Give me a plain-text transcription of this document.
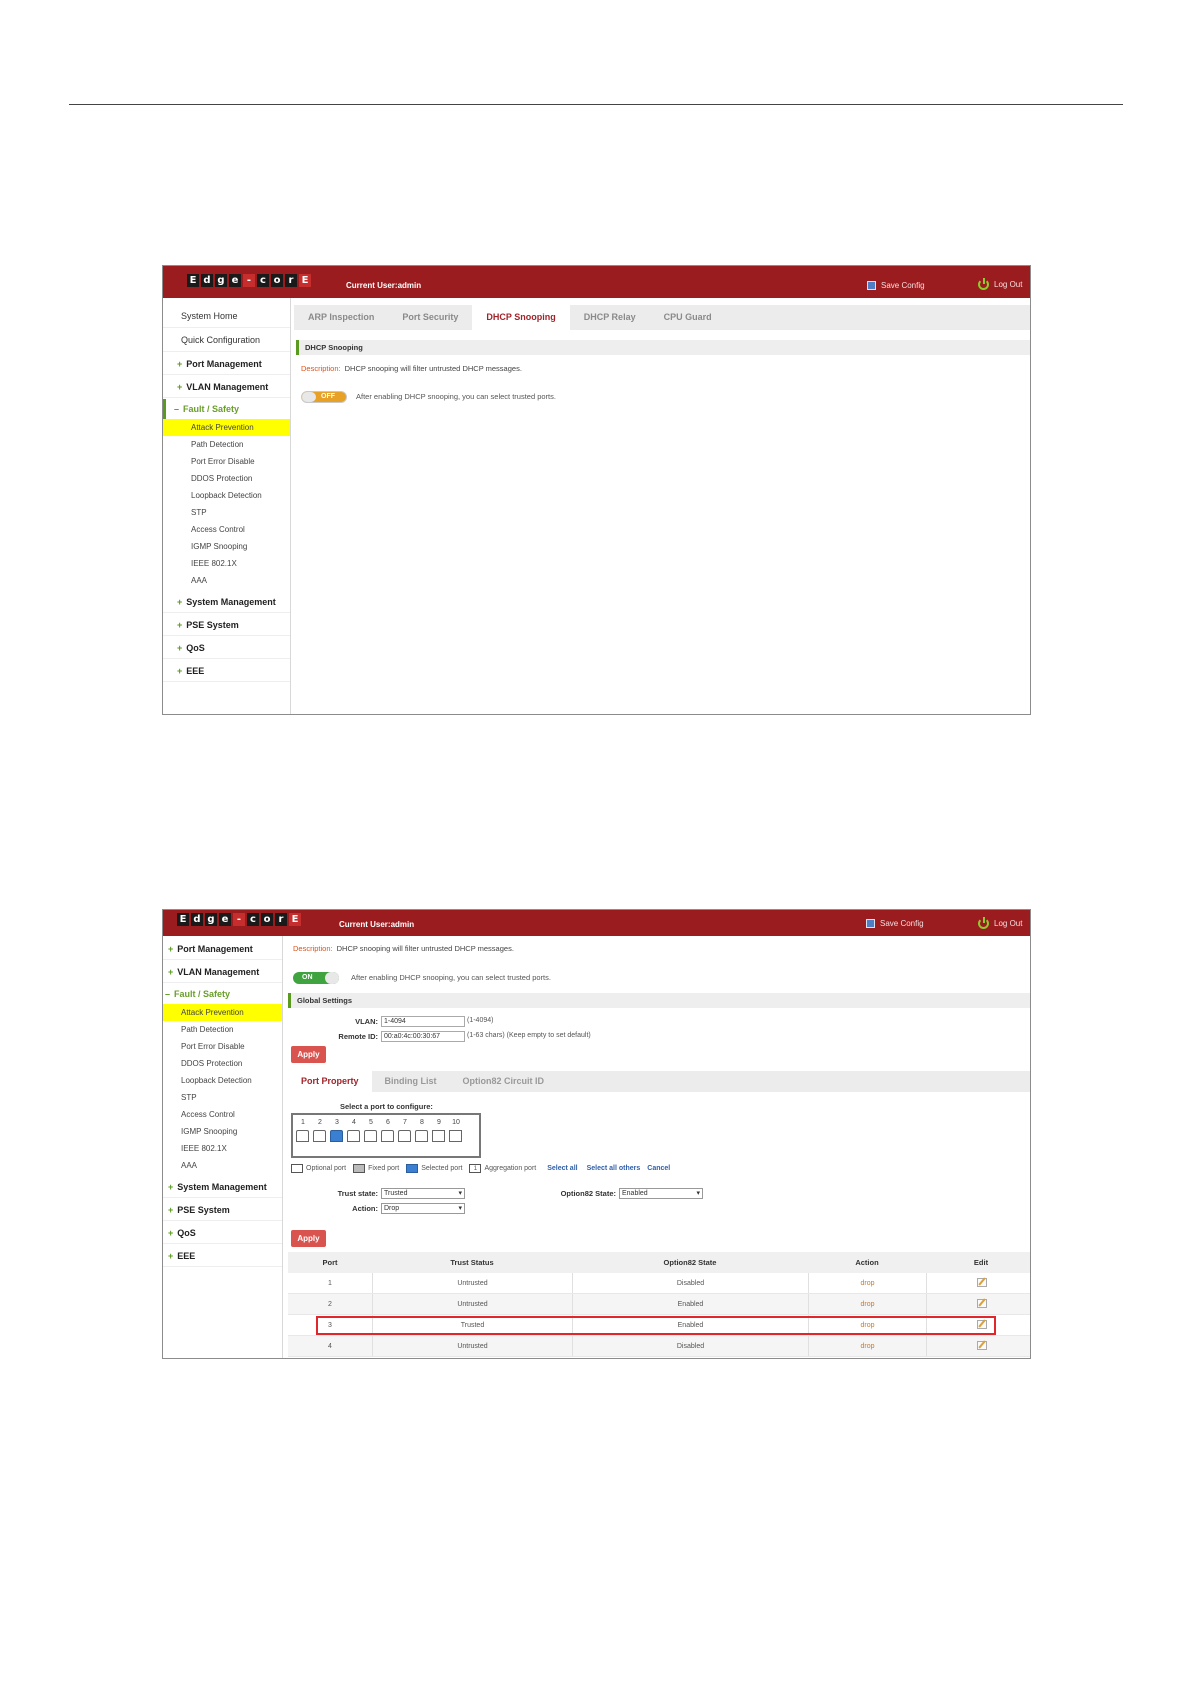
E d g e - c o r E	Current User:admin	Save Config	Log Out
System Home
Quick Configuration
+ Port Management
+ VLAN Management
– Fault / Safety
Attack Prevention
Path Detection
Port Error Disable
DDOS Protection
Loopback Detection
STP
Access Control
IGMP Snooping
IEEE 802.1X
AAA
+ System Management
+ PSE System
+ QoS
+ EEE
ARP Inspection	Port Security	DHCP Snooping	DHCP Relay	CPU Guard
DHCP Snooping
Description: DHCP snooping will filter untrusted DHCP messages.
OFF	After enabling DHCP snooping, you can select trusted ports.
E d g e - c o r E	Current User:admin	Save Config	Log Out
+ Port Management
+ VLAN Management
– Fault / Safety
Attack Prevention
Path Detection
Port Error Disable
DDOS Protection
Loopback Detection
STP
Access Control
IGMP Snooping
IEEE 802.1X
AAA
+ System Management
+ PSE System
+ QoS
+ EEE
Description: DHCP snooping will filter untrusted DHCP messages.
ON	After enabling DHCP snooping, you can select trusted ports.
Global Settings
VLAN: 1-4094	(1-4094)
Remote ID: 00:a0:4c:00:30:67	(1-63 chars) (Keep empty to set default)
Apply
Port Property	Binding List	Option82 Circuit ID
Select a port to configure:
1	2	3	4	5	6	7	8	9	10
Optional port	Fixed port	Selected port	1	Aggregation port Select all Select all others Cancel
Trust state: Trusted ▾
Action: Drop ▾
Option82 State: Enabled ▾
Apply
Port	Trust Status	Option82 State	Action	Edit
1	Untrusted	Disabled	drop
2	Untrusted	Enabled	drop
3	Trusted	Enabled	drop
4	Untrusted	Disabled	drop
